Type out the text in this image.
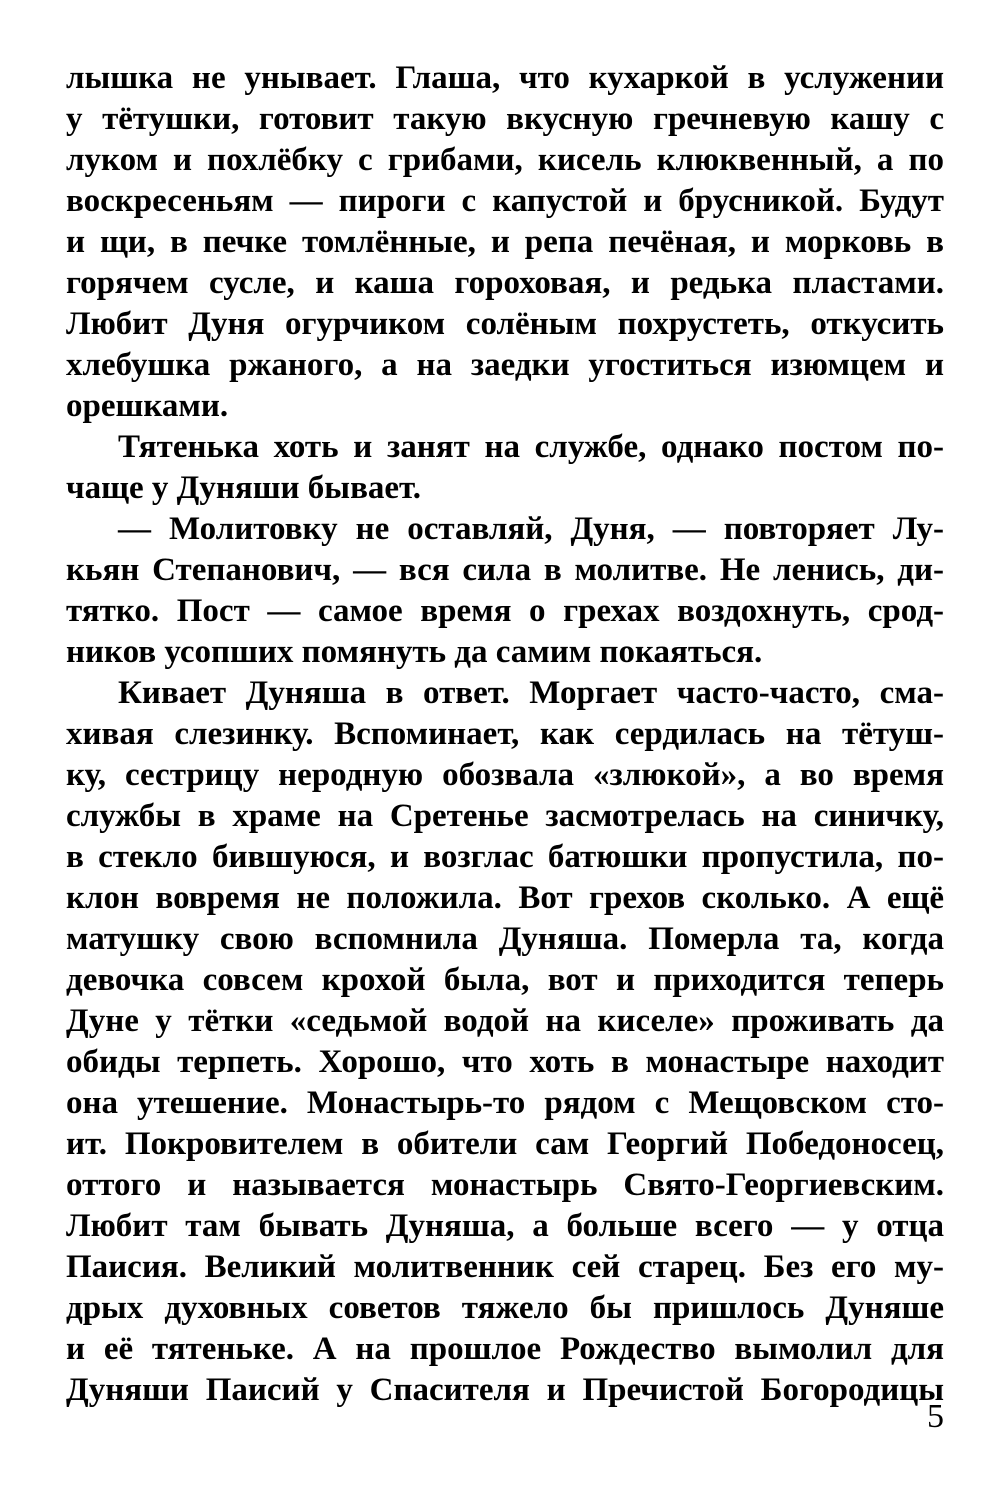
лышка не унывает. Глаша, что кухаркой в услужении
у тётушки, готовит такую вкусную гречневую кашу с
луком и похлёбку с грибами, кисель клюквенный, а по
воскресеньям — пироги с капустой и брусникой. Будут
и щи, в печке томлённые, и репа печёная, и морковь в
горячем сусле, и каша гороховая, и редька пластами.
Любит Дуня огурчиком солёным похрустеть, откусить
хлебушка ржаного, а на заедки угоститься изюмцем и
орешками.
Тятенька хоть и занят на службе, однако постом по-
чаще у Дуняши бывает.
— Молитовку не оставляй, Дуня, — повторяет Лу-
кьян Степанович, — вся сила в молитве. Не ленись, ди-
тятко. Пост — самое время о грехах воздохнуть, срод-
ников усопших помянуть да самим покаяться.
Кивает Дуняша в ответ. Моргает часто-часто, сма-
хивая слезинку. Вспоминает, как сердилась на тётуш-
ку, сестрицу неродную обозвала «злюкой», а во время
службы в храме на Сретенье засмотрелась на синичку,
в стекло бившуюся, и возглас батюшки пропустила, по-
клон вовремя не положила. Вот грехов сколько. А ещё
матушку свою вспомнила Дуняша. Померла та, когда
девочка совсем крохой была, вот и приходится теперь
Дуне у тётки «седьмой водой на киселе» проживать да
обиды терпеть. Хорошо, что хоть в монастыре находит
она утешение. Монастырь-то рядом с Мещовском сто-
ит. Покровителем в обители сам Георгий Победоносец,
оттого и называется монастырь Свято-Георгиевским.
Любит там бывать Дуняша, а больше всего — у отца
Паисия. Великий молитвенник сей старец. Без его му-
дрых духовных советов тяжело бы пришлось Дуняше
и её тятеньке. А на прошлое Рождество вымолил для
Дуняши Паисий у Спасителя и Пречистой Богородицы
5
